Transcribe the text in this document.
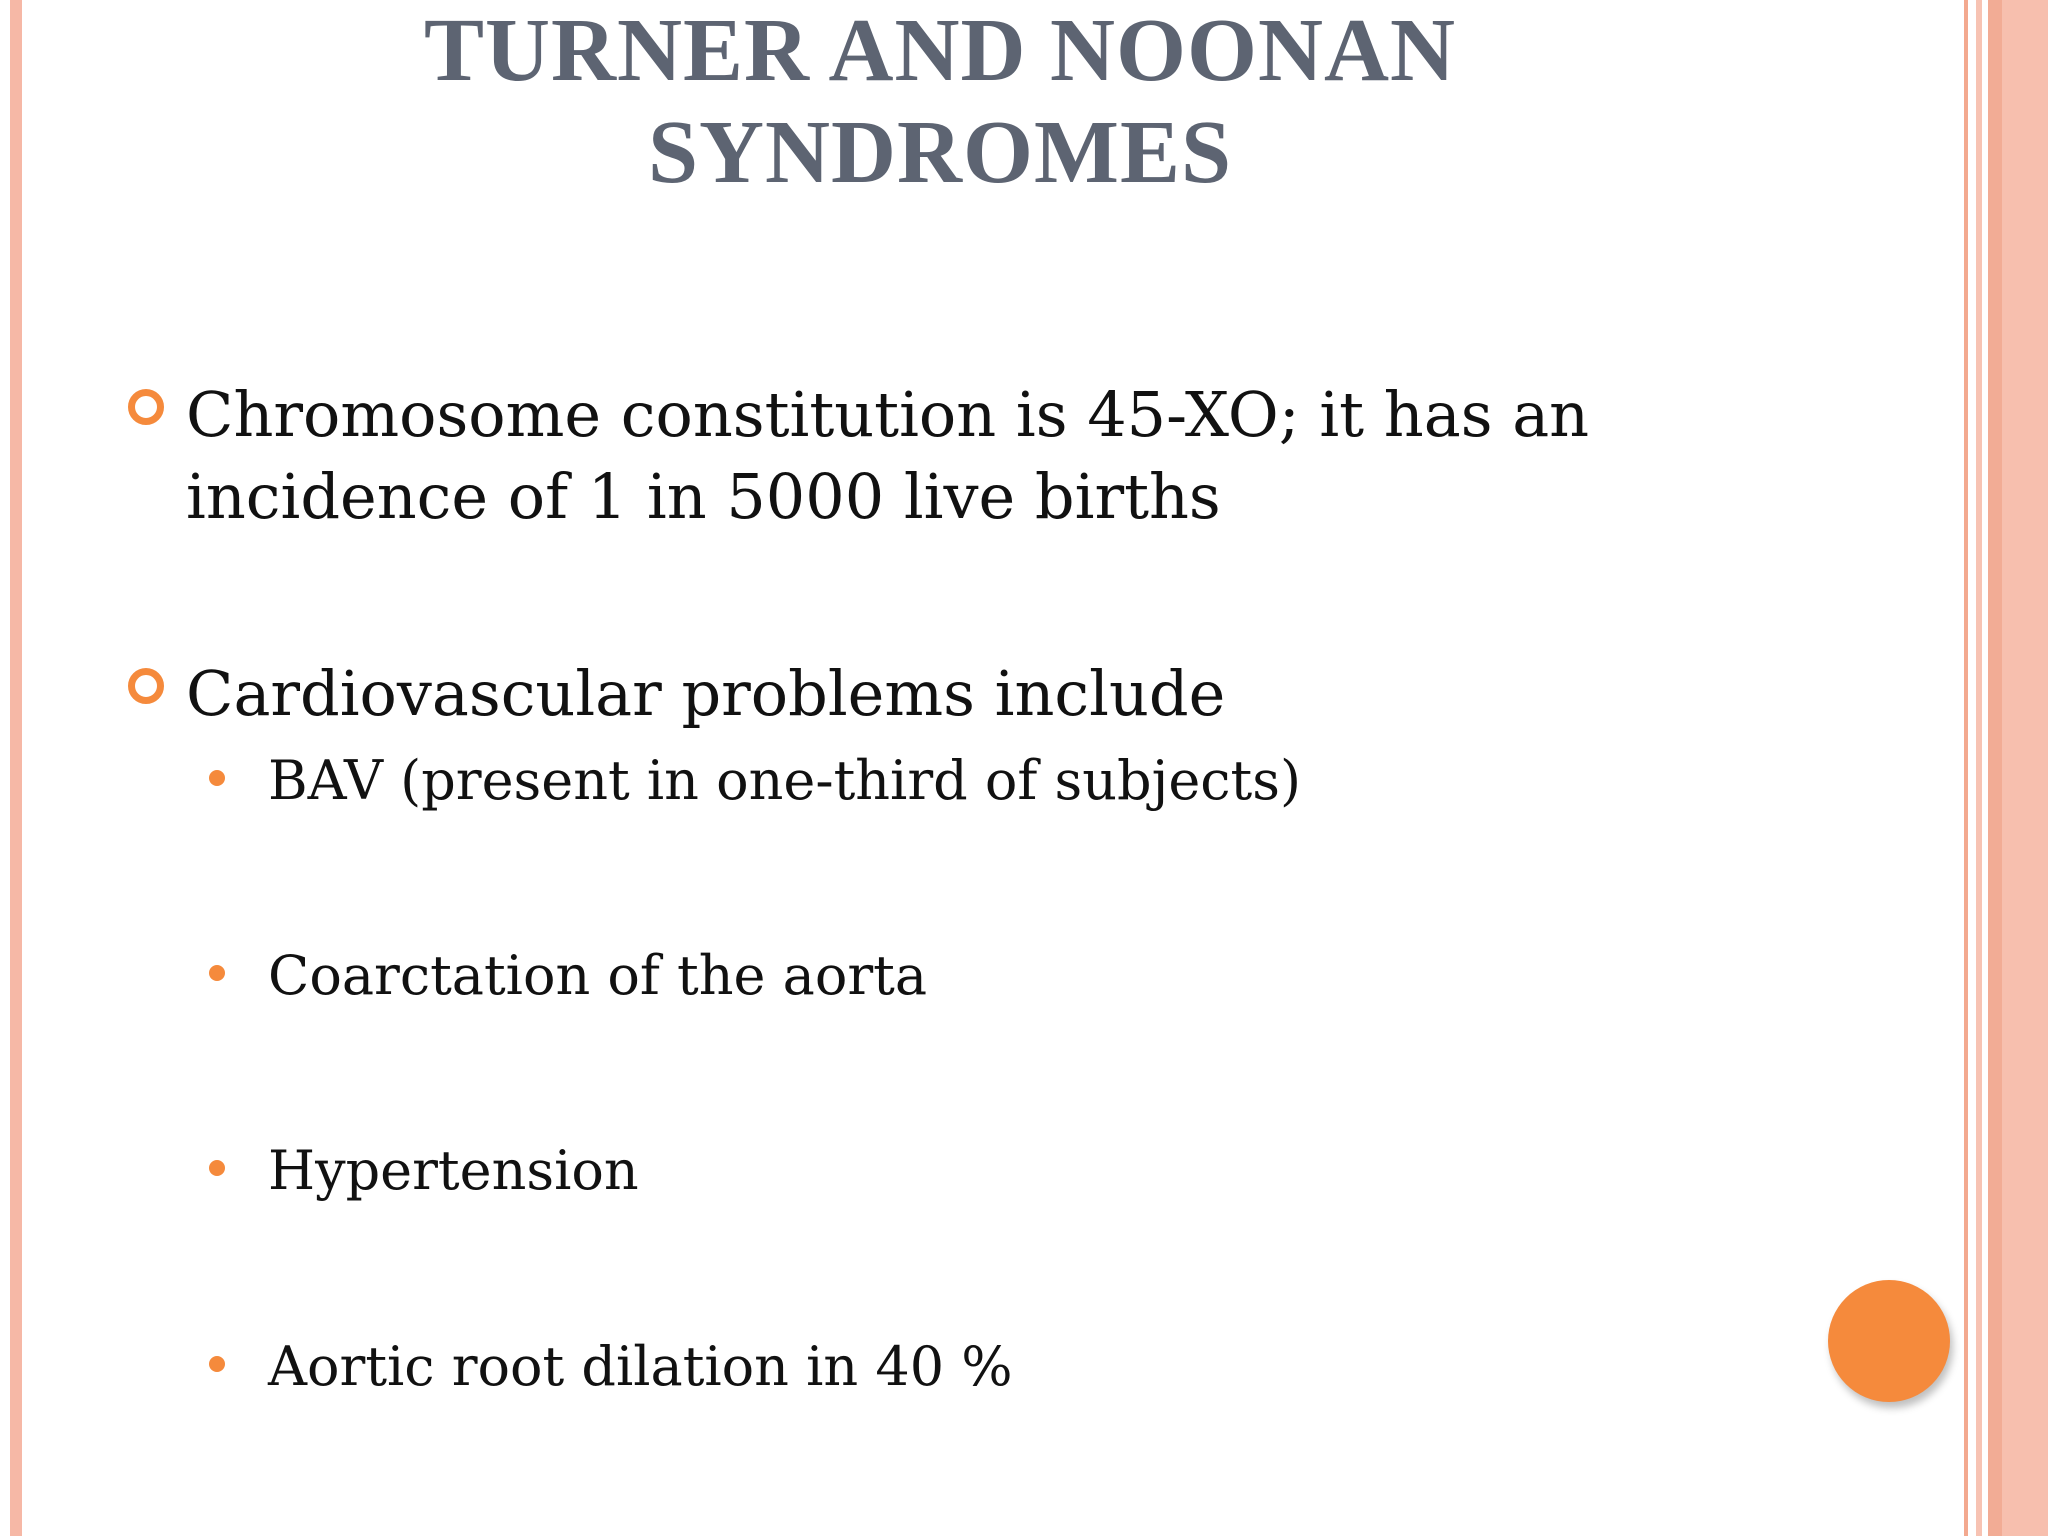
TURNER AND NOONAN
SYNDROMES
Chromosome constitution is 45-XO; it has an
incidence of 1 in 5000 live births
Cardiovascular problems include
BAV (present in one-third of subjects)
Coarctation of the aorta
Hypertension
Aortic root dilation in 40 %
